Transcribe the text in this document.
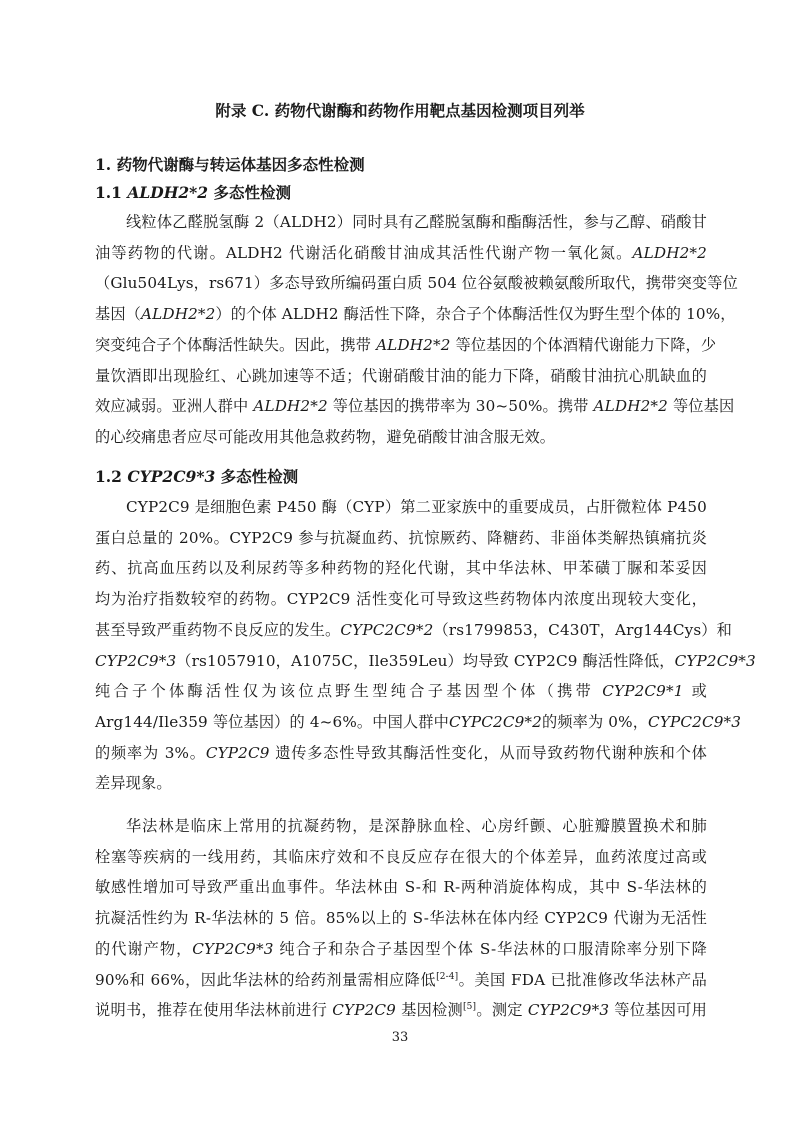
附录 C. 药物代谢酶和药物作用靶点基因检测项目列举
1. 药物代谢酶与转运体基因多态性检测
1.1 ALDH2*2 多态性检测
线粒体乙醛脱氢酶 2（ALDH2）同时具有乙醛脱氢酶和酯酶活性，参与乙醇、硝酸甘
油等药物的代谢。ALDH2 代谢活化硝酸甘油成其活性代谢产物一氧化氮。ALDH2*2
（Glu504Lys，rs671）多态导致所编码蛋白质 504 位谷氨酸被赖氨酸所取代，携带突变等位
基因（ALDH2*2）的个体 ALDH2 酶活性下降，杂合子个体酶活性仅为野生型个体的 10%，
突变纯合子个体酶活性缺失。因此，携带 ALDH2*2 等位基因的个体酒精代谢能力下降，少
量饮酒即出现脸红、心跳加速等不适；代谢硝酸甘油的能力下降，硝酸甘油抗心肌缺血的
效应减弱。亚洲人群中 ALDH2*2 等位基因的携带率为 30~50%。携带 ALDH2*2 等位基因
的心绞痛患者应尽可能改用其他急救药物，避免硝酸甘油含服无效。
1.2 CYP2C9*3 多态性检测
CYP2C9 是细胞色素 P450 酶（CYP）第二亚家族中的重要成员，占肝微粒体 P450
蛋白总量的 20%。CYP2C9 参与抗凝血药、抗惊厥药、降糖药、非甾体类解热镇痛抗炎
药、抗高血压药以及利尿药等多种药物的羟化代谢，其中华法林、甲苯磺丁脲和苯妥因
均为治疗指数较窄的药物。CYP2C9 活性变化可导致这些药物体内浓度出现较大变化，
甚至导致严重药物不良反应的发生。CYPC2C9*2（rs1799853，C430T，Arg144Cys）和
CYP2C9*3（rs1057910，A1075C，Ile359Leu）均导致 CYP2C9 酶活性降低，CYP2C9*3
纯合子个体酶活性仅为该位点野生型纯合子基因型个体（携带 CYP2C9*1 或
Arg144/Ile359 等位基因）的 4~6%。中国人群中CYPC2C9*2的频率为 0%，CYPC2C9*3
的频率为 3%。CYP2C9 遗传多态性导致其酶活性变化，从而导致药物代谢种族和个体
差异现象。
华法林是临床上常用的抗凝药物，是深静脉血栓、心房纤颤、心脏瓣膜置换术和肺
栓塞等疾病的一线用药，其临床疗效和不良反应存在很大的个体差异，血药浓度过高或
敏感性增加可导致严重出血事件。华法林由 S-和 R-两种消旋体构成，其中 S-华法林的
抗凝活性约为 R-华法林的 5 倍。85%以上的 S-华法林在体内经 CYP2C9 代谢为无活性
的代谢产物，CYP2C9*3 纯合子和杂合子基因型个体 S-华法林的口服清除率分别下降
90%和 66%，因此华法林的给药剂量需相应降低[2-4]。美国 FDA 已批准修改华法林产品
说明书，推荐在使用华法林前进行 CYP2C9 基因检测[5]。测定 CYP2C9*3 等位基因可用
33
